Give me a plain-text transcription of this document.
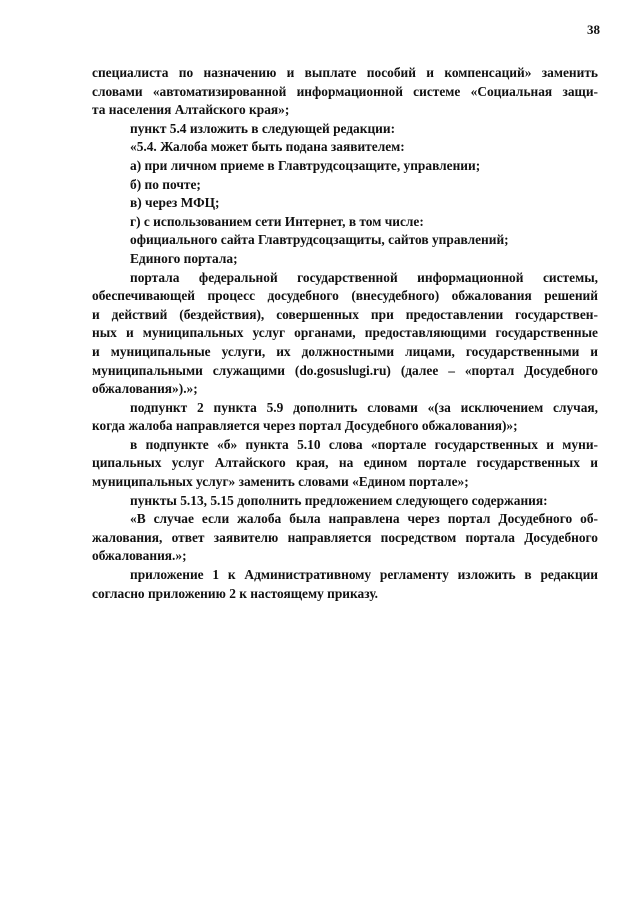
38
специалиста по назначению и выплате пособий и компенсаций» заменить
словами «автоматизированной информационной системе «Социальная защи-
та населения Алтайского края»;
пункт 5.4 изложить в следующей редакции:
«5.4. Жалоба может быть подана заявителем:
а) при личном приеме в Главтрудсоцзащите, управлении;
б) по почте;
в) через МФЦ;
г) с использованием сети Интернет, в том числе:
официального сайта Главтрудсоцзащиты, сайтов управлений;
Единого портала;
портала федеральной государственной информационной системы,
обеспечивающей процесс досудебного (внесудебного) обжалования решений
и действий (бездействия), совершенных при предоставлении государствен-
ных и муниципальных услуг органами, предоставляющими государственные
и муниципальные услуги, их должностными лицами, государственными и
муниципальными служащими (do.gosuslugi.ru) (далее – «портал Досудебного
обжалования»).»;
подпункт 2 пункта 5.9 дополнить словами «(за исключением случая,
когда жалоба направляется через портал Досудебного обжалования)»;
в подпункте «б» пункта 5.10 слова «портале государственных и муни-
ципальных услуг Алтайского края, на едином портале государственных и
муниципальных услуг» заменить словами «Едином портале»;
пункты 5.13, 5.15 дополнить предложением следующего содержания:
«В случае если жалоба была направлена через портал Досудебного об-
жалования, ответ заявителю направляется посредством портала Досудебного
обжалования.»;
приложение 1 к Административному регламенту изложить в редакции
согласно приложению 2 к настоящему приказу.
